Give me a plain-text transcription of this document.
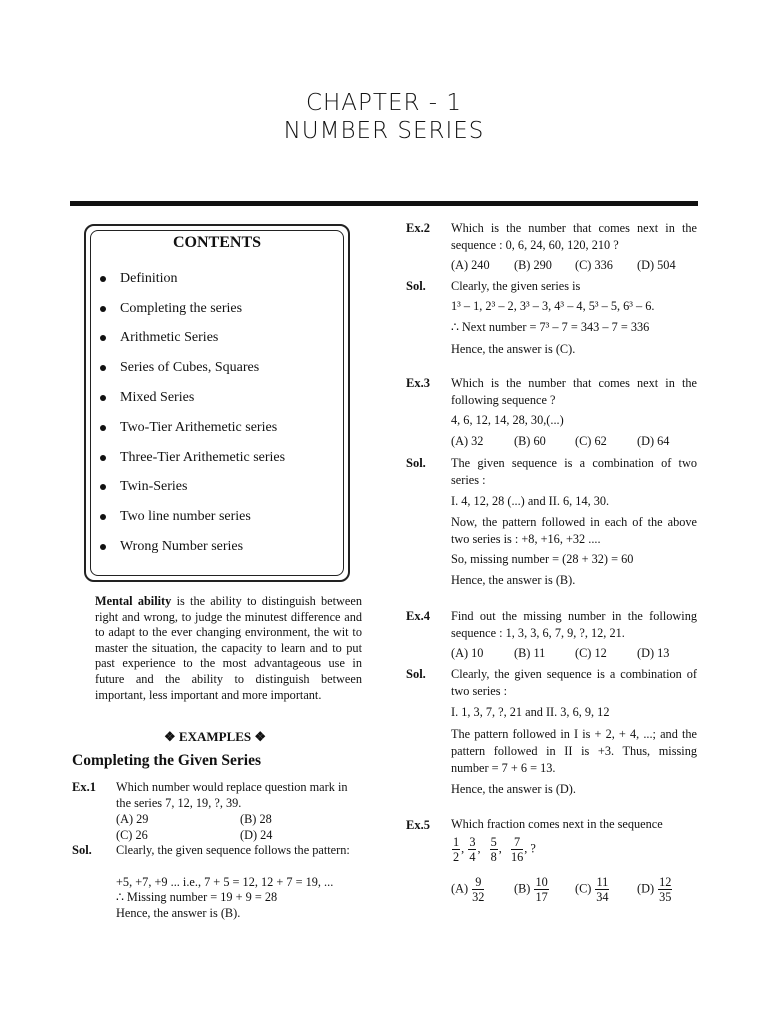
CHAPTER - 1
NUMBER SERIES
CONTENTS
Definition
Completing the series
Arithmetic Series
Series of Cubes, Squares
Mixed Series
Two-Tier Arithemetic series
Three-Tier Arithemetic series
Twin-Series
Two line number series
Wrong Number series
Mental ability is the ability to distinguish between right and wrong, to judge the minutest difference and to adapt to the ever changing environment, the wit to master the situation, the capacity to learn and to put past experience to the most advantageous use in future and the ability to distinguish between important, less important and more important.
❖ EXAMPLES ❖
Completing the Given Series
Ex.1 Which number would replace question mark in the series 7, 12, 19, ?, 39.
(A) 29	(B) 28
(C) 26	(D) 24
Sol. Clearly, the given sequence follows the pattern:
+5, +7, +9 ... i.e., 7 + 5 = 12, 12 + 7 = 19, ...
∴ Missing number = 19 + 9 = 28
Hence, the answer is (B).
Ex.2 Which is the number that comes next in the sequence : 0, 6, 24, 60, 120, 210 ?
(A) 240 (B) 290 (C) 336 (D) 504
Sol. Clearly, the given series is
1³ – 1, 2³ – 2, 3³ – 3, 4³ – 4, 5³ – 5, 6³ – 6.
∴ Next number = 7³ – 7 = 343 – 7 = 336
Hence, the answer is (C).
Ex.3 Which is the number that comes next in the following sequence ?
4, 6, 12, 14, 28, 30,(...)
(A) 32 (B) 60 (C) 62 (D) 64
Sol. The given sequence is a combination of two series :
I. 4, 12, 28 (...) and II. 6, 14, 30.
Now, the pattern followed in each of the above two series is : +8, +16, +32 ....
So, missing number = (28 + 32) = 60
Hence, the answer is (B).
Ex.4 Find out the missing number in the following sequence : 1, 3, 3, 6, 7, 9, ?, 12, 21.
(A) 10 (B) 11 (C) 12 (D) 13
Sol. Clearly, the given sequence is a combination of two series :
I. 1, 3, 7, ?, 21 and II. 3, 6, 9, 12
The pattern followed in I is + 2, + 4, ...; and the pattern followed in II is +3. Thus, missing number = 7 + 6 = 13.
Hence, the answer is (D).
Ex.5 Which fraction comes next in the sequence
$\frac{1}{2}$ , $\frac{3}{4}$ , $\frac{5}{8}$ , $\frac{7}{16}$ , ?
$(A) \frac{9}{32} (B) \frac{10}{17} (C) \frac{11}{34} (D) \frac{12}{35}$
